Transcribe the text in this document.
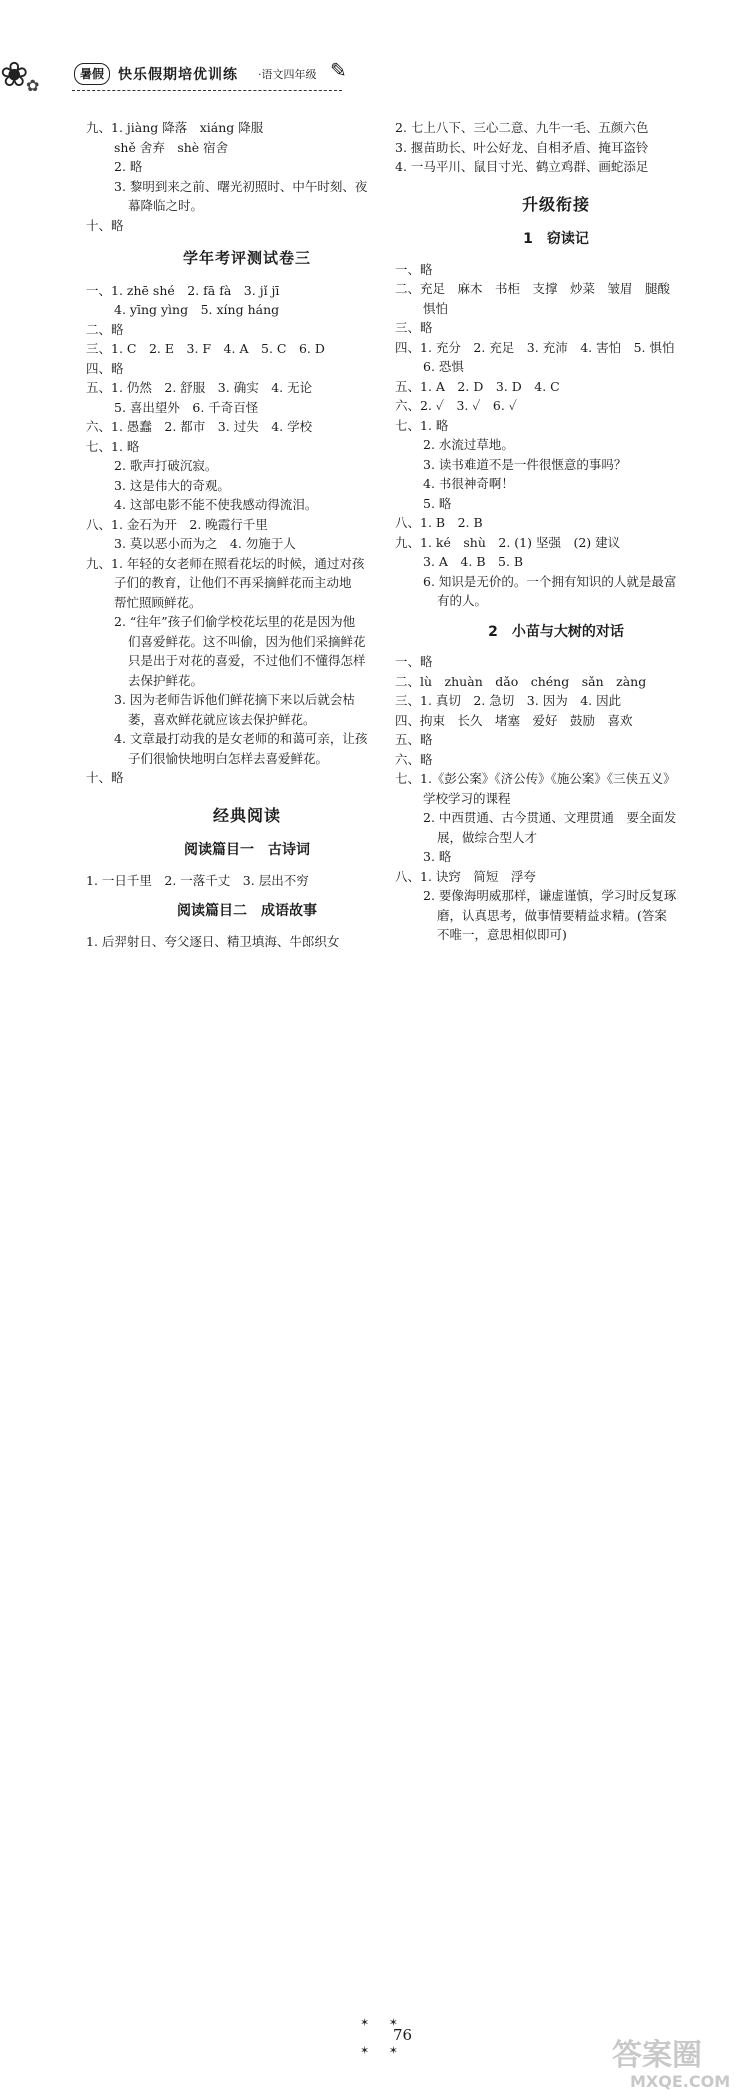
❀
✿
暑假	快乐假期培优训练 ·语文四年级 ✎
九、1. jiàng 降落　xiáng 降服
shě 舍弃　shè 宿舍
2. 略
3. 黎明到来之前、曙光初照时、中午时刻、夜
幕降临之时。
十、略
学年考评测试卷三
一、1. zhē shé　2. fā fà　3. jǐ jī
4. yīng yìng　5. xíng háng
二、略
三、1. C　2. E　3. F　4. A　5. C　6. D
四、略
五、1. 仍然　2. 舒服　3. 确实　4. 无论
5. 喜出望外　6. 千奇百怪
六、1. 愚蠢　2. 都市　3. 过失　4. 学校
七、1. 略
2. 歌声打破沉寂。
3. 这是伟大的奇观。
4. 这部电影不能不使我感动得流泪。
八、1. 金石为开　2. 晚霞行千里
3. 莫以恶小而为之　4. 勿施于人
九、1. 年轻的女老师在照看花坛的时候，通过对孩
子们的教育，让他们不再采摘鲜花而主动地
帮忙照顾鲜花。
2. “往年”孩子们偷学校花坛里的花是因为他
们喜爱鲜花。这不叫偷，因为他们采摘鲜花
只是出于对花的喜爱，不过他们不懂得怎样
去保护鲜花。
3. 因为老师告诉他们鲜花摘下来以后就会枯
萎，喜欢鲜花就应该去保护鲜花。
4. 文章最打动我的是女老师的和蔼可亲，让孩
子们很愉快地明白怎样去喜爱鲜花。
十、略
经典阅读
阅读篇目一　古诗词
1. 一日千里　2. 一落千丈　3. 层出不穷
阅读篇目二　成语故事
1. 后羿射日、夸父逐日、精卫填海、牛郎织女
2. 七上八下、三心二意、九牛一毛、五颜六色
3. 揠苗助长、叶公好龙、自相矛盾、掩耳盗铃
4. 一马平川、鼠目寸光、鹤立鸡群、画蛇添足
升级衔接
1　窃读记
一、略
二、充足　麻木　书柜　支撑　炒菜　皱眉　腿酸
惧怕
三、略
四、1. 充分　2. 充足　3. 充沛　4. 害怕　5. 惧怕
6. 恐惧
五、1. A　2. D　3. D　4. C
六、2. ✓　3. ✓　6. ✓
七、1. 略
2. 水流过草地。
3. 读书难道不是一件很惬意的事吗？
4. 书很神奇啊！
5. 略
八、1. B　2. B
九、1. ké　shù　2. (1) 坚强　(2) 建议
3. A　4. B　5. B
6. 知识是无价的。一个拥有知识的人就是最富
有的人。
2　小苗与大树的对话
一、略
二、lù　zhuàn　dǎo　chéng　sǎn　zàng
三、1. 真切　2. 急切　3. 因为　4. 因此
四、拘束　长久　堵塞　爱好　鼓励　喜欢
五、略
六、略
七、1.《彭公案》《济公传》《施公案》《三侠五义》
学校学习的课程
2. 中西贯通、古今贯通、文理贯通　要全面发
展，做综合型人才
3. 略
八、1. 诀窍　简短　浮夸
2. 要像海明威那样，谦虚谨慎，学习时反复琢
磨，认真思考，做事情要精益求精。(答案
不唯一，意思相似即可)
✶ ✶

✶ ✶
76
答案圈
MXQE.COM
